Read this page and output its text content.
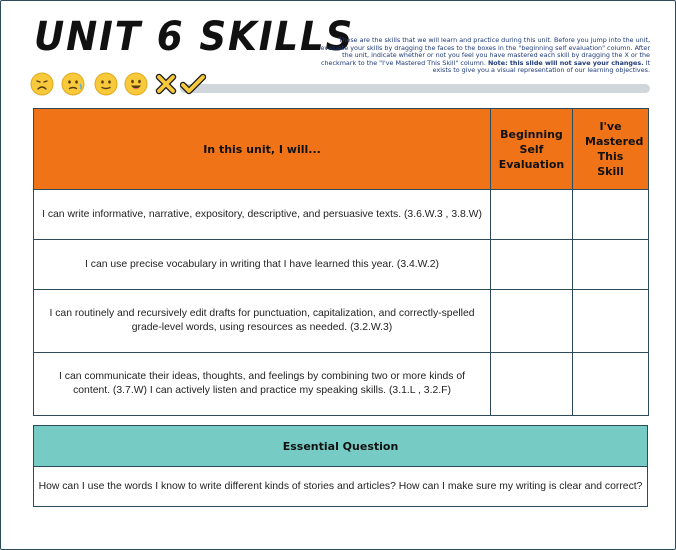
UNIT 6 SKILLS
These are the skills that we will learn and practice during this unit. Before you jump into the unit, evaluate your skills by dragging the faces to the boxes in the "beginning self evaluation" column. After the unit, indicate whether or not you feel you have mastered each skill by dragging the X or the checkmark to the "I've Mastered This Skill" column. Note: this slide will not save your changes. It exists to give you a visual representation of our learning objectives.
In this unit, I will...	Beginning Self Evaluation	I've Mastered This Skill
I can write informative, narrative, expository, descriptive, and persuasive texts. (3.6.W.3 , 3.8.W)		
I can use precise vocabulary in writing that I have learned this year. (3.4.W.2)		
I can routinely and recursively edit drafts for punctuation, capitalization, and correctly-spelled grade-level words, using resources as needed. (3.2.W.3)		
I can communicate their ideas, thoughts, and feelings by combining two or more kinds of content. (3.7.W) I can actively listen and practice my speaking skills. (3.1.L , 3.2.F)		
Essential Question
How can I use the words I know to write different kinds of stories and articles? How can I make sure my writing is clear and correct?
